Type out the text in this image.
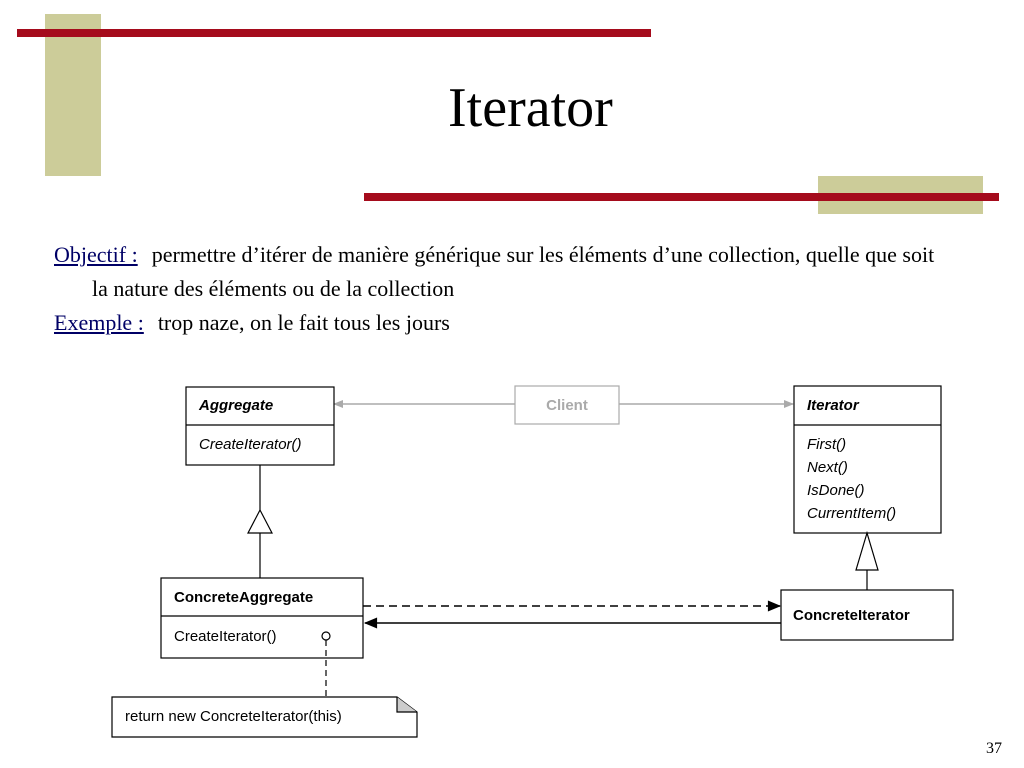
Iterator

Objectif : permettre d’itérer de manière générique sur les éléments d’une collection, quelle que soit la nature des éléments ou de la collection

Exemple : trop naze, on le fait tous les jours

Aggregate
CreateIterator()
Client	Iterator
First()
Next()
IsDone()
CurrentItem()
ConcreteAggregate
CreateIterator()
ConcreteIterator
return new ConcreteIterator(this)
37
